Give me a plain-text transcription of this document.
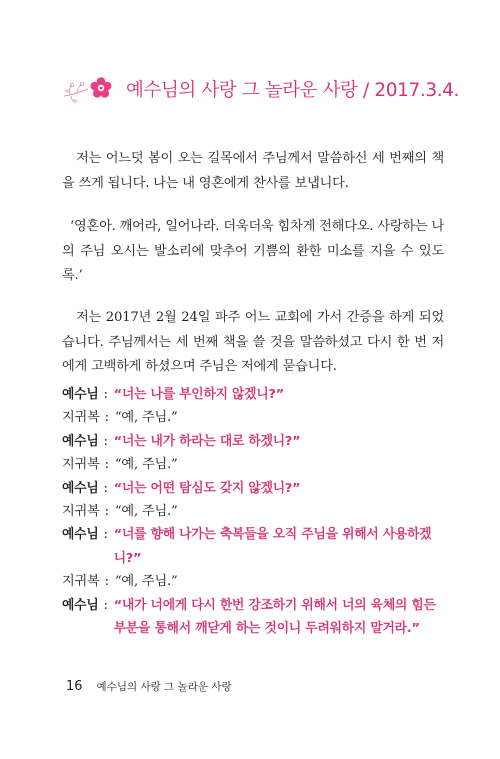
예수님의 사랑 그 놀라운 사랑 / 2017.3.4.
저는 어느덧 봄이 오는 길목에서 주님께서 말씀하신 세 번째의 책을 쓰게 됩니다. 나는 내 영혼에게 찬사를 보냅니다.
‘영혼아. 깨어라, 일어나라. 더욱더욱 힘차게 전해다오. 사랑하는 나의 주님 오시는 발소리에 맞추어 기쁨의 환한 미소를 지을 수 있도록.’
저는 2017년 2월 24일 파주 어느 교회에 가서 간증을 하게 되었습니다. 주님께서는 세 번째 책을 쓸 것을 말씀하셨고 다시 한 번 저에게 고백하게 하셨으며 주님은 저에게 묻습니다.
예수님 : “너는 나를 부인하지 않겠니?”
지귀복 : “예, 주님.”
예수님 : “너는 내가 하라는 대로 하겠니?”
지귀복 : “예, 주님.”
예수님 : “너는 어떤 탐심도 갖지 않겠니?”
지귀복 : “예, 주님.”
예수님 : “너를 향해 나가는 축복들을 오직 주님을 위해서 사용하겠니?”
지귀복 : “예, 주님.”
예수님 : “내가 너에게 다시 한번 강조하기 위해서 너의 육체의 힘든 부분을 통해서 깨닫게 하는 것이니 두려워하지 말거라.”
16 예수님의 사랑 그 놀라운 사랑
